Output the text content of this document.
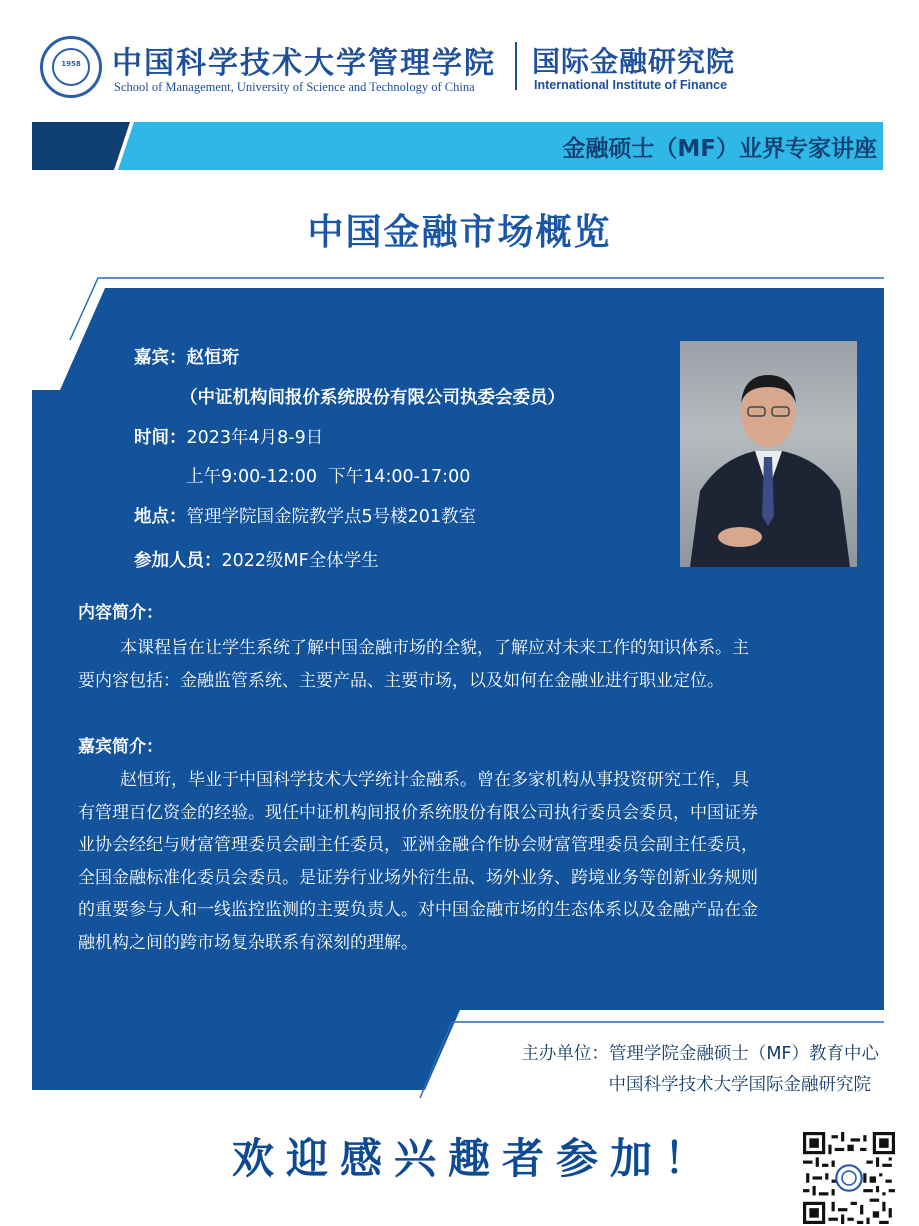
1958	中国科学技术大学管理学院
School of Management, University of Science and Technology of China
国际金融研究院
International Institute of Finance
金融硕士（MF）业界专家讲座
中国金融市场概览
嘉宾：赵恒珩
（中证机构间报价系统股份有限公司执委会委员）
时间：2023年4月8-9日
上午9:00-12:00  下午14:00-17:00
地点：管理学院国金院教学点5号楼201教室
参加人员：2022级MF全体学生
内容简介：
本课程旨在让学生系统了解中国金融市场的全貌，了解应对未来工作的知识体系。主
要内容包括：金融监管系统、主要产品、主要市场，以及如何在金融业进行职业定位。
嘉宾简介：
赵恒珩，毕业于中国科学技术大学统计金融系。曾在多家机构从事投资研究工作，具
有管理百亿资金的经验。现任中证机构间报价系统股份有限公司执行委员会委员，中国证券
业协会经纪与财富管理委员会副主任委员，亚洲金融合作协会财富管理委员会副主任委员，
全国金融标准化委员会委员。是证券行业场外衍生品、场外业务、跨境业务等创新业务规则
的重要参与人和一线监控监测的主要负责人。对中国金融市场的生态体系以及金融产品在金
融机构之间的跨市场复杂联系有深刻的理解。
主办单位：管理学院金融硕士（MF）教育中心
中国科学技术大学国际金融研究院
欢迎感兴趣者参加！
